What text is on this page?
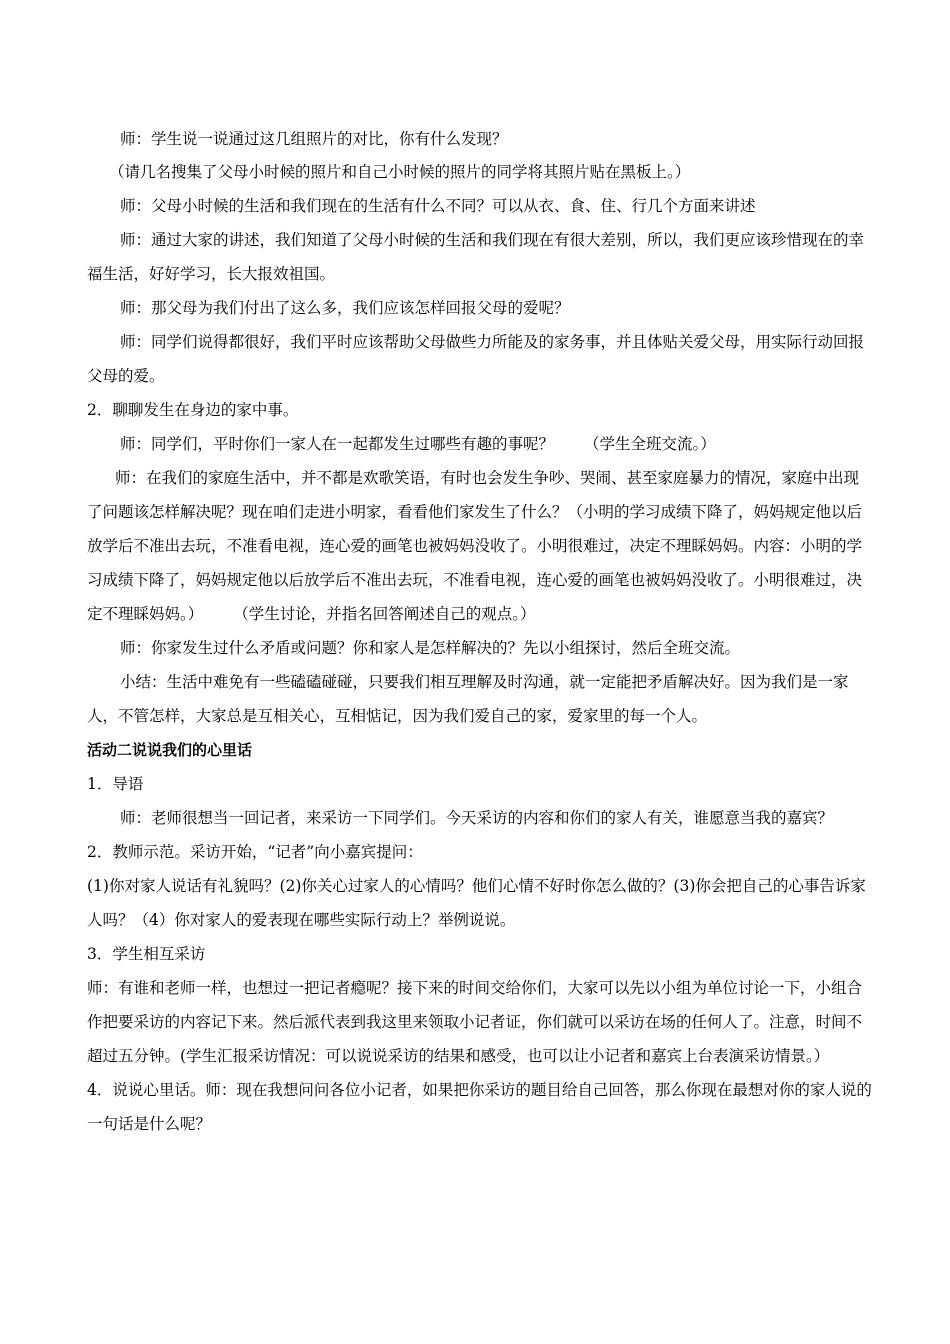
师：学生说一说通过这几组照片的对比，你有什么发现？

（请几名搜集了父母小时候的照片和自己小时候的照片的同学将其照片贴在黑板上。）

师：父母小时候的生活和我们现在的生活有什么不同？可以从衣、食、住、行几个方面来讲述

师：通过大家的讲述，我们知道了父母小时候的生活和我们现在有很大差别，所以，我们更应该珍惜现在的幸福生活，好好学习，长大报效祖国。

师：那父母为我们付出了这么多，我们应该怎样回报父母的爱呢？

师：同学们说得都很好，我们平时应该帮助父母做些力所能及的家务事，并且体贴关爱父母，用实际行动回报父母的爱。

2．聊聊发生在身边的家中事。

师：同学们，平时你们一家人在一起都发生过哪些有趣的事呢？ （学生全班交流。）

师：在我们的家庭生活中，并不都是欢歌笑语，有时也会发生争吵、哭闹、甚至家庭暴力的情况，家庭中出现了问题该怎样解决呢？现在咱们走进小明家，看看他们家发生了什么？（小明的学习成绩下降了，妈妈规定他以后放学后不准出去玩，不准看电视，连心爱的画笔也被妈妈没收了。小明很难过，决定不理睬妈妈。内容：小明的学习成绩下降了，妈妈规定他以后放学后不准出去玩，不准看电视，连心爱的画笔也被妈妈没收了。小明很难过，决定不理睬妈妈。） （学生讨论，并指名回答阐述自己的观点。）

师：你家发生过什么矛盾或问题？你和家人是怎样解决的？先以小组探讨，然后全班交流。

小结：生活中难免有一些磕磕碰碰，只要我们相互理解及时沟通，就一定能把矛盾解决好。因为我们是一家人，不管怎样，大家总是互相关心，互相惦记，因为我们爱自己的家，爱家里的每一个人。

活动二说说我们的心里话

1．导语

师：老师很想当一回记者，来采访一下同学们。今天采访的内容和你们的家人有关，谁愿意当我的嘉宾？

2．教师示范。采访开始，“记者”向小嘉宾提问：

(1)你对家人说话有礼貌吗？(2)你关心过家人的心情吗？他们心情不好时你怎么做的？(3)你会把自己的心事告诉家人吗？（4）你对家人的爱表现在哪些实际行动上？举例说说。

3．学生相互采访

师：有谁和老师一样，也想过一把记者瘾呢？接下来的时间交给你们，大家可以先以小组为单位讨论一下，小组合作把要采访的内容记下来。然后派代表到我这里来领取小记者证，你们就可以采访在场的任何人了。注意，时间不超过五分钟。(学生汇报采访情况：可以说说采访的结果和感受，也可以让小记者和嘉宾上台表演采访情景。）

4．说说心里话。师：现在我想问问各位小记者，如果把你采访的题目给自己回答，那么你现在最想对你的家人说的一句话是什么呢？
